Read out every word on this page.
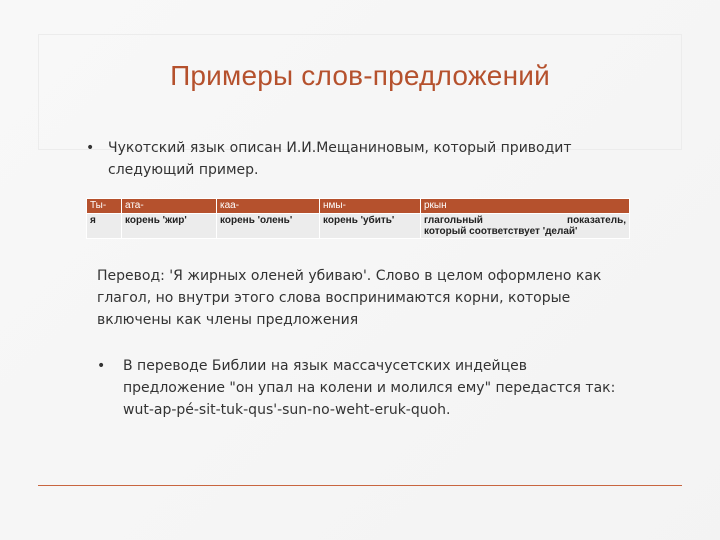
Примеры слов-предложений
• Чукотский язык описан И.И.Мещаниновым, который приводит следующий пример.
Ты-	ата-	каа-	нмы-	ркын
я	корень 'жир'	корень 'олень'	корень 'убить'	глагольный показатель,
который соответствует 'делай'
Перевод: 'Я жирных оленей убиваю'. Слово в целом оформлено как глагол, но внутри этого слова воспринимаются корни, которые включены как члены предложения
•	В переводе Библии на язык массачусетских индейцев предложение "он упал на колени и молился ему" передастся так: wut-ap-pé-sit-tuk-qus'-sun-no-weht-eruk-quoh.
